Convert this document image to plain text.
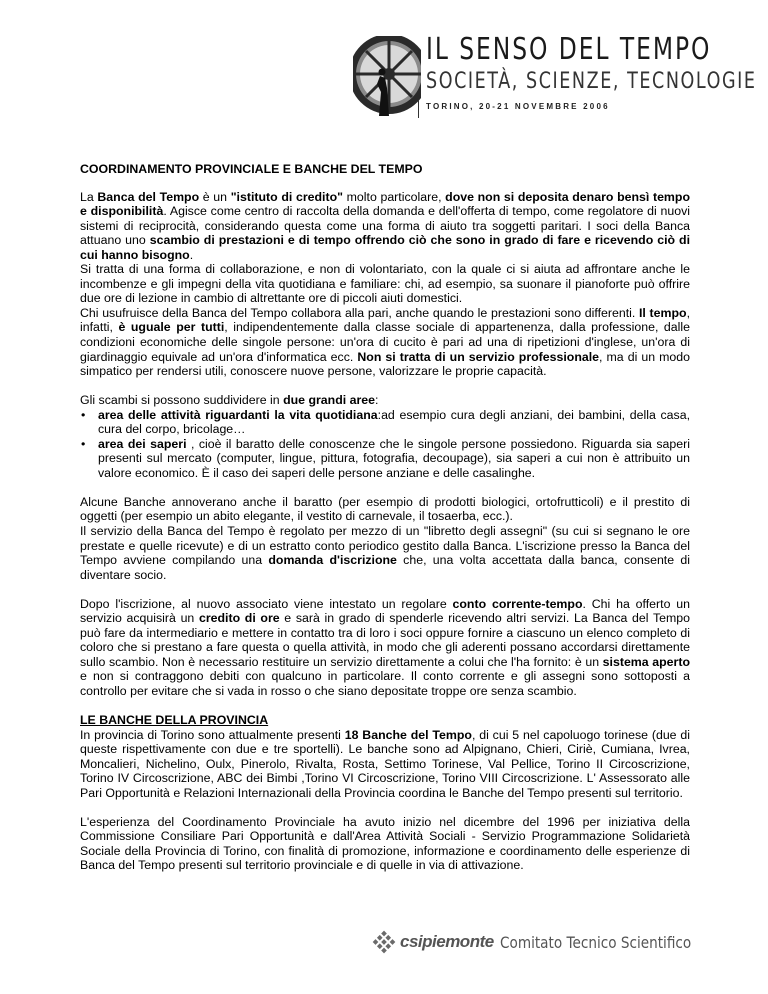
IL SENSO DEL TEMPO
SOCIETÀ, SCIENZE, TECNOLOGIE
TORINO, 20-21 NOVEMBRE 2006

COORDINAMENTO PROVINCIALE E BANCHE DEL TEMPO

La Banca del Tempo è un "istituto di credito" molto particolare, dove non si deposita denaro bensì tempo e disponibilità. Agisce come centro di raccolta della domanda e dell'offerta di tempo, come regolatore di nuovi sistemi di reciprocità, considerando questa come una forma di aiuto tra soggetti paritari. I soci della Banca attuano uno scambio di prestazioni e di tempo offrendo ciò che sono in grado di fare e ricevendo ciò di cui hanno bisogno.
Si tratta di una forma di collaborazione, e non di volontariato, con la quale ci si aiuta ad affrontare anche le incombenze e gli impegni della vita quotidiana e familiare: chi, ad esempio, sa suonare il pianoforte può offrire due ore di lezione in cambio di altrettante ore di piccoli aiuti domestici.
Chi usufruisce della Banca del Tempo collabora alla pari, anche quando le prestazioni sono differenti. Il tempo, infatti, è uguale per tutti, indipendentemente dalla classe sociale di appartenenza, dalla professione, dalle condizioni economiche delle singole persone: un'ora di cucito è pari ad una di ripetizioni d'inglese, un'ora di giardinaggio equivale ad un'ora d'informatica ecc. Non si tratta di un servizio professionale, ma di un modo simpatico per rendersi utili, conoscere nuove persone, valorizzare le proprie capacità.

Gli scambi si possono suddividere in due grandi aree:

• area delle attività riguardanti la vita quotidiana:ad esempio cura degli anziani, dei bambini, della casa, cura del corpo, bricolage…
• area dei saperi , cioè il baratto delle conoscenze che le singole persone possiedono. Riguarda sia saperi presenti sul mercato (computer, lingue, pittura, fotografia, decoupage), sia saperi a cui non è attribuito un valore economico. È il caso dei saperi delle persone anziane e delle casalinghe.

Alcune Banche annoverano anche il baratto (per esempio di prodotti biologici, ortofrutticoli) e il prestito di oggetti (per esempio un abito elegante, il vestito di carnevale, il tosaerba, ecc.).
Il servizio della Banca del Tempo è regolato per mezzo di un "libretto degli assegni" (su cui si segnano le ore prestate e quelle ricevute) e di un estratto conto periodico gestito dalla Banca. L'iscrizione presso la Banca del Tempo avviene compilando una domanda d'iscrizione che, una volta accettata dalla banca, consente di diventare socio.

Dopo l'iscrizione, al nuovo associato viene intestato un regolare conto corrente-tempo. Chi ha offerto un servizio acquisirà un credito di ore e sarà in grado di spenderle ricevendo altri servizi. La Banca del Tempo può fare da intermediario e mettere in contatto tra di loro i soci oppure fornire a ciascuno un elenco completo di coloro che si prestano a fare questa o quella attività, in modo che gli aderenti possano accordarsi direttamente sullo scambio. Non è necessario restituire un servizio direttamente a colui che l'ha fornito: è un sistema aperto e non si contraggono debiti con qualcuno in particolare. Il conto corrente e gli assegni sono sottoposti a controllo per evitare che si vada in rosso o che siano depositate troppe ore senza scambio.

LE BANCHE DELLA PROVINCIA

In provincia di Torino sono attualmente presenti 18 Banche del Tempo, di cui 5 nel capoluogo torinese (due di queste rispettivamente con due e tre sportelli). Le banche sono ad Alpignano, Chieri, Ciriè, Cumiana, Ivrea, Moncalieri, Nichelino, Oulx, Pinerolo, Rivalta, Rosta, Settimo Torinese, Val Pellice, Torino II Circoscrizione, Torino IV Circoscrizione, ABC dei Bimbi ,Torino VI Circoscrizione, Torino VIII Circoscrizione. L' Assessorato alle Pari Opportunità e Relazioni Internazionali della Provincia coordina le Banche del Tempo presenti sul territorio.

L'esperienza del Coordinamento Provinciale ha avuto inizio nel dicembre del 1996 per iniziativa della Commissione Consiliare Pari Opportunità e dall'Area Attività Sociali - Servizio Programmazione Solidarietà Sociale della Provincia di Torino, con finalità di promozione, informazione e coordinamento delle esperienze di Banca del Tempo presenti sul territorio provinciale e di quelle in via di attivazione.

csipiemonte Comitato Tecnico Scientifico
